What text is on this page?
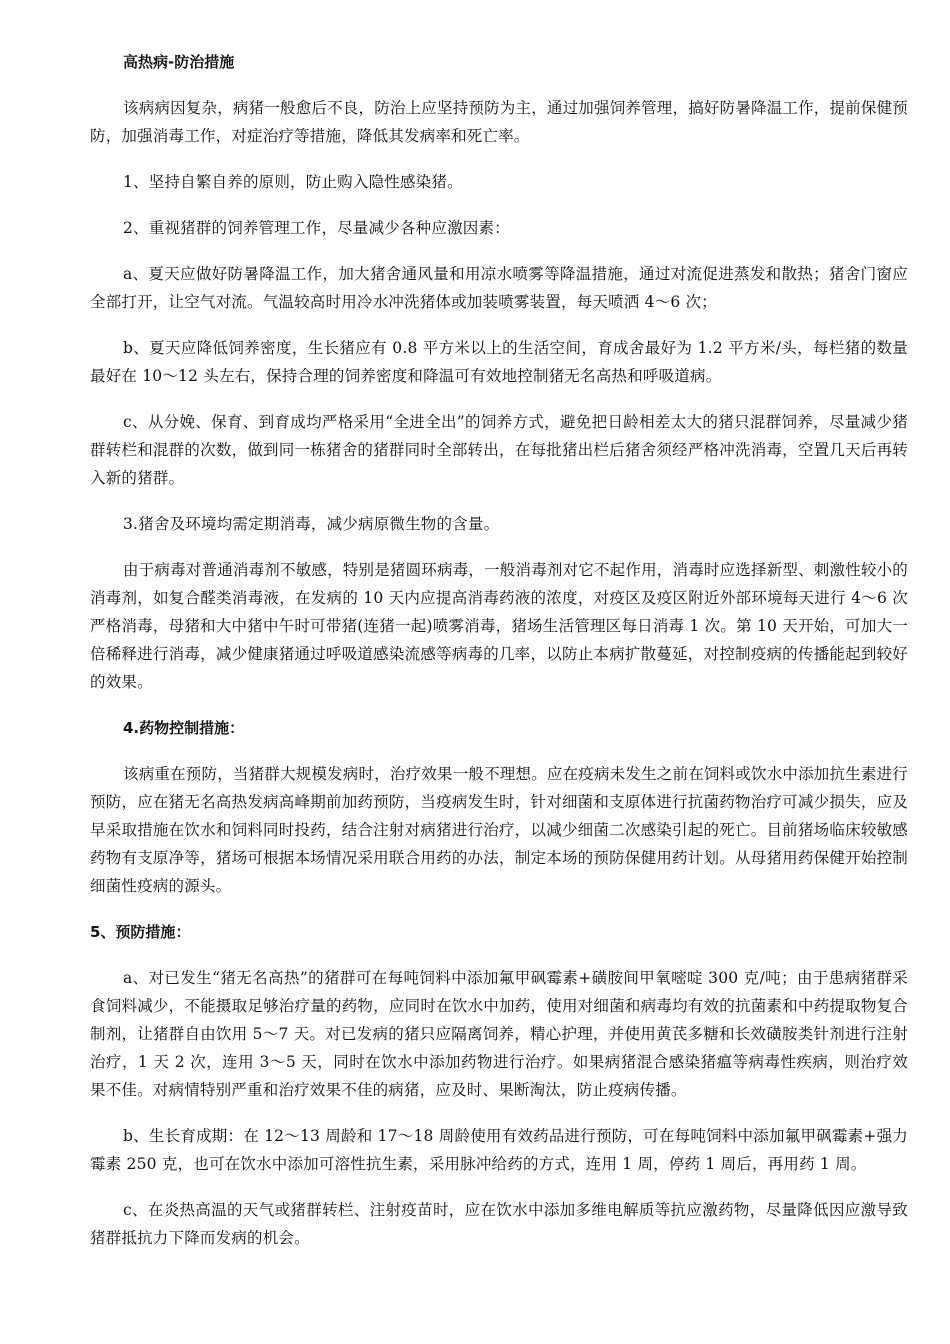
高热病-防治措施

该病病因复杂，病猪一般愈后不良，防治上应坚持预防为主，通过加强饲养管理，搞好防暑降温工作，提前保健预防，加强消毒工作，对症治疗等措施，降低其发病率和死亡率。

1、坚持自繁自养的原则，防止购入隐性感染猪。

2、重视猪群的饲养管理工作，尽量减少各种应激因素：

a、夏天应做好防暑降温工作，加大猪舍通风量和用凉水喷雾等降温措施，通过对流促进蒸发和散热；猪舍门窗应全部打开，让空气对流。气温较高时用冷水冲洗猪体或加装喷雾装置，每天喷洒 4～6 次；

b、夏天应降低饲养密度，生长猪应有 0.8 平方米以上的生活空间，育成舍最好为 1.2 平方米/头，每栏猪的数量最好在 10～12 头左右，保持合理的饲养密度和降温可有效地控制猪无名高热和呼吸道病。

c、从分娩、保育、到育成均严格采用“全进全出”的饲养方式，避免把日龄相差太大的猪只混群饲养，尽量减少猪群转栏和混群的次数，做到同一栋猪舍的猪群同时全部转出，在每批猪出栏后猪舍须经严格冲洗消毒，空置几天后再转入新的猪群。

3.猪舍及环境均需定期消毒，减少病原微生物的含量。

由于病毒对普通消毒剂不敏感，特别是猪圆环病毒，一般消毒剂对它不起作用，消毒时应选择新型、刺激性较小的消毒剂，如复合醛类消毒液，在发病的 10 天内应提高消毒药液的浓度，对疫区及疫区附近外部环境每天进行 4～6 次严格消毒，母猪和大中猪中午时可带猪(连猪一起)喷雾消毒，猪场生活管理区每日消毒 1 次。第 10 天开始，可加大一倍稀释进行消毒，减少健康猪通过呼吸道感染流感等病毒的几率，以防止本病扩散蔓延，对控制疫病的传播能起到较好的效果。

4.药物控制措施：

该病重在预防，当猪群大规模发病时，治疗效果一般不理想。应在疫病未发生之前在饲料或饮水中添加抗生素进行预防，应在猪无名高热发病高峰期前加药预防，当疫病发生时，针对细菌和支原体进行抗菌药物治疗可减少损失，应及早采取措施在饮水和饲料同时投药，结合注射对病猪进行治疗，以减少细菌二次感染引起的死亡。目前猪场临床较敏感药物有支原净等，猪场可根据本场情况采用联合用药的办法，制定本场的预防保健用药计划。从母猪用药保健开始控制细菌性疫病的源头。

5、预防措施：

a、对已发生“猪无名高热”的猪群可在每吨饲料中添加氟甲砜霉素+磺胺间甲氧嘧啶 300 克/吨；由于患病猪群采食饲料减少，不能摄取足够治疗量的药物，应同时在饮水中加药，使用对细菌和病毒均有效的抗菌素和中药提取物复合制剂，让猪群自由饮用 5～7 天。对已发病的猪只应隔离饲养，精心护理，并使用黄芪多糖和长效磺胺类针剂进行注射治疗，1 天 2 次，连用 3～5 天，同时在饮水中添加药物进行治疗。如果病猪混合感染猪瘟等病毒性疾病，则治疗效果不佳。对病情特别严重和治疗效果不佳的病猪，应及时、果断淘汰，防止疫病传播。

b、生长育成期：在 12～13 周龄和 17～18 周龄使用有效药品进行预防，可在每吨饲料中添加氟甲砜霉素+强力霉素 250 克，也可在饮水中添加可溶性抗生素，采用脉冲给药的方式，连用 1 周，停药 1 周后，再用药 1 周。

c、在炎热高温的天气或猪群转栏、注射疫苗时，应在饮水中添加多维电解质等抗应激药物，尽量降低因应激导致猪群抵抗力下降而发病的机会。
